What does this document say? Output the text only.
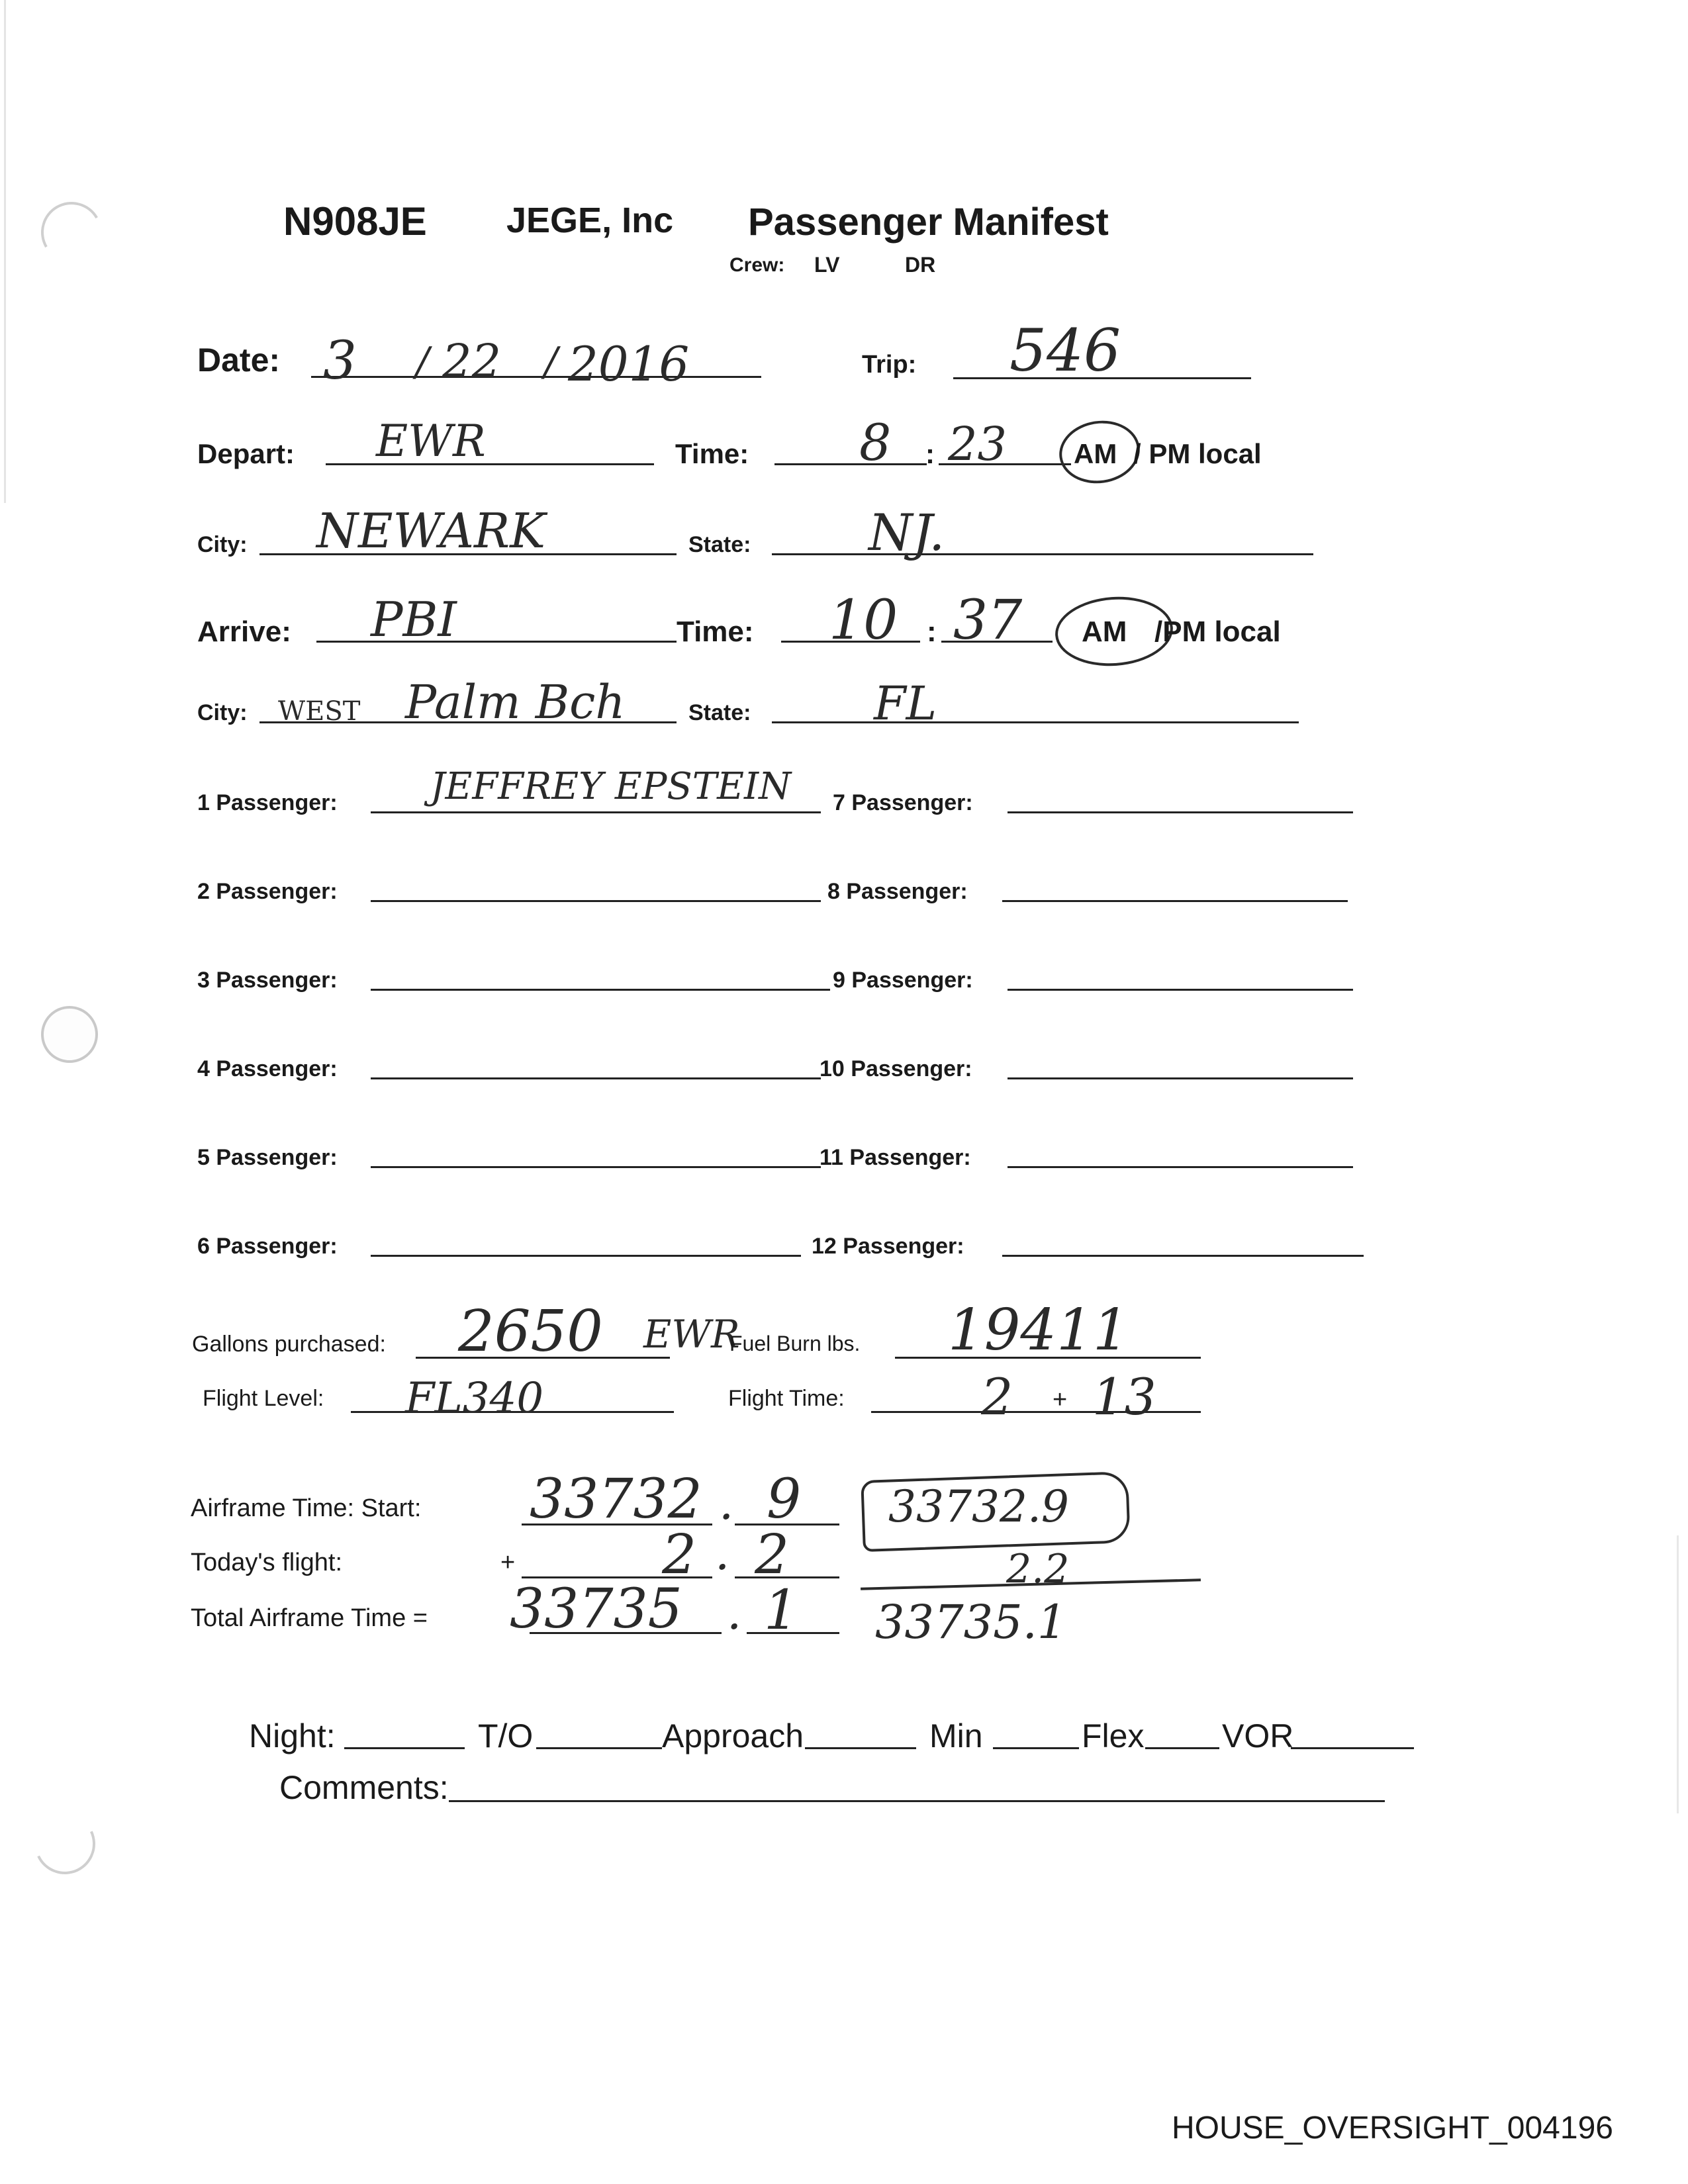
N908JE JEGE, Inc Passenger Manifest
Crew: LV	DR
Date: 3 / 22 / 2016	Trip: 546
Depart: EWR	Time: 8 : 23 AM / PM local
City: NEWARK	State: NJ.
Arrive: PBI	Time: 10 : 37 AM /PM local
City: WEST Palm Bch	State:	FL
1 Passenger:	JEFFREY EPSTEIN
2 Passenger:
3 Passenger:
4 Passenger:
5 Passenger:
6 Passenger:
7 Passenger:
8 Passenger:
9 Passenger:
10 Passenger:
11 Passenger:
12 Passenger:
Gallons purchased: 2650 EWR
Fuel Burn lbs. 19411
Flight Level: FL340	Flight Time:	2 + 13
Airframe Time: Start: 33732 . 9
Today's flight:	+	2 . 2
Total Airframe Time = 33735 . 1
33732.9
2.2
33735.1
Night:	T/O	Approach	Min	Flex VOR
Comments:
HOUSE_OVERSIGHT_004196
